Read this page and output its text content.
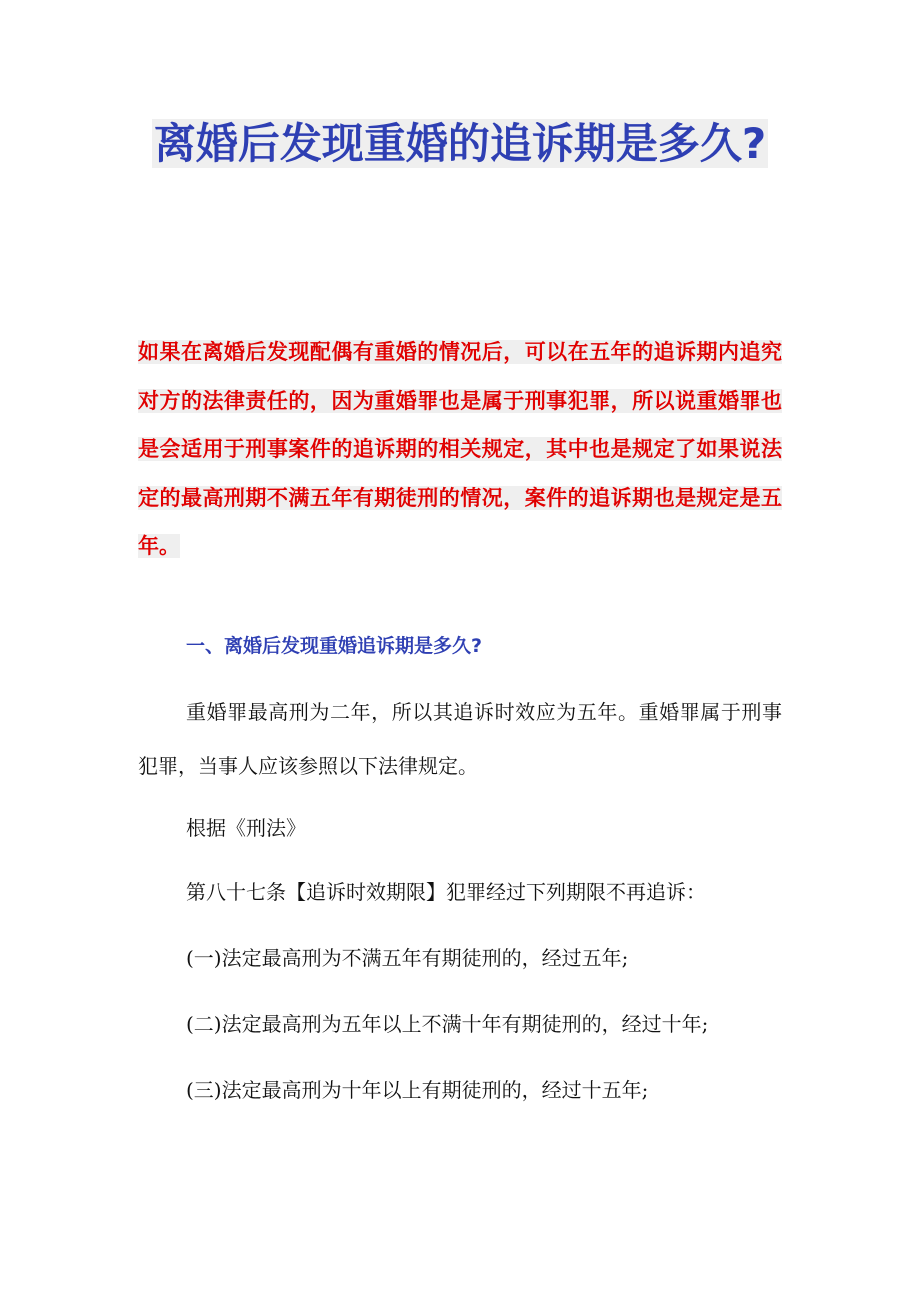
离婚后发现重婚的追诉期是多久?
如果在离婚后发现配偶有重婚的情况后，可以在五年的追诉期内追究对方的法律责任的，因为重婚罪也是属于刑事犯罪，所以说重婚罪也是会适用于刑事案件的追诉期的相关规定，其中也是规定了如果说法定的最高刑期不满五年有期徒刑的情况，案件的追诉期也是规定是五年。
一、离婚后发现重婚追诉期是多久?
重婚罪最高刑为二年，所以其追诉时效应为五年。重婚罪属于刑事犯罪，当事人应该参照以下法律规定。
根据《刑法》
第八十七条【追诉时效期限】犯罪经过下列期限不再追诉：
(一)法定最高刑为不满五年有期徒刑的，经过五年;
(二)法定最高刑为五年以上不满十年有期徒刑的，经过十年;
(三)法定最高刑为十年以上有期徒刑的，经过十五年;
